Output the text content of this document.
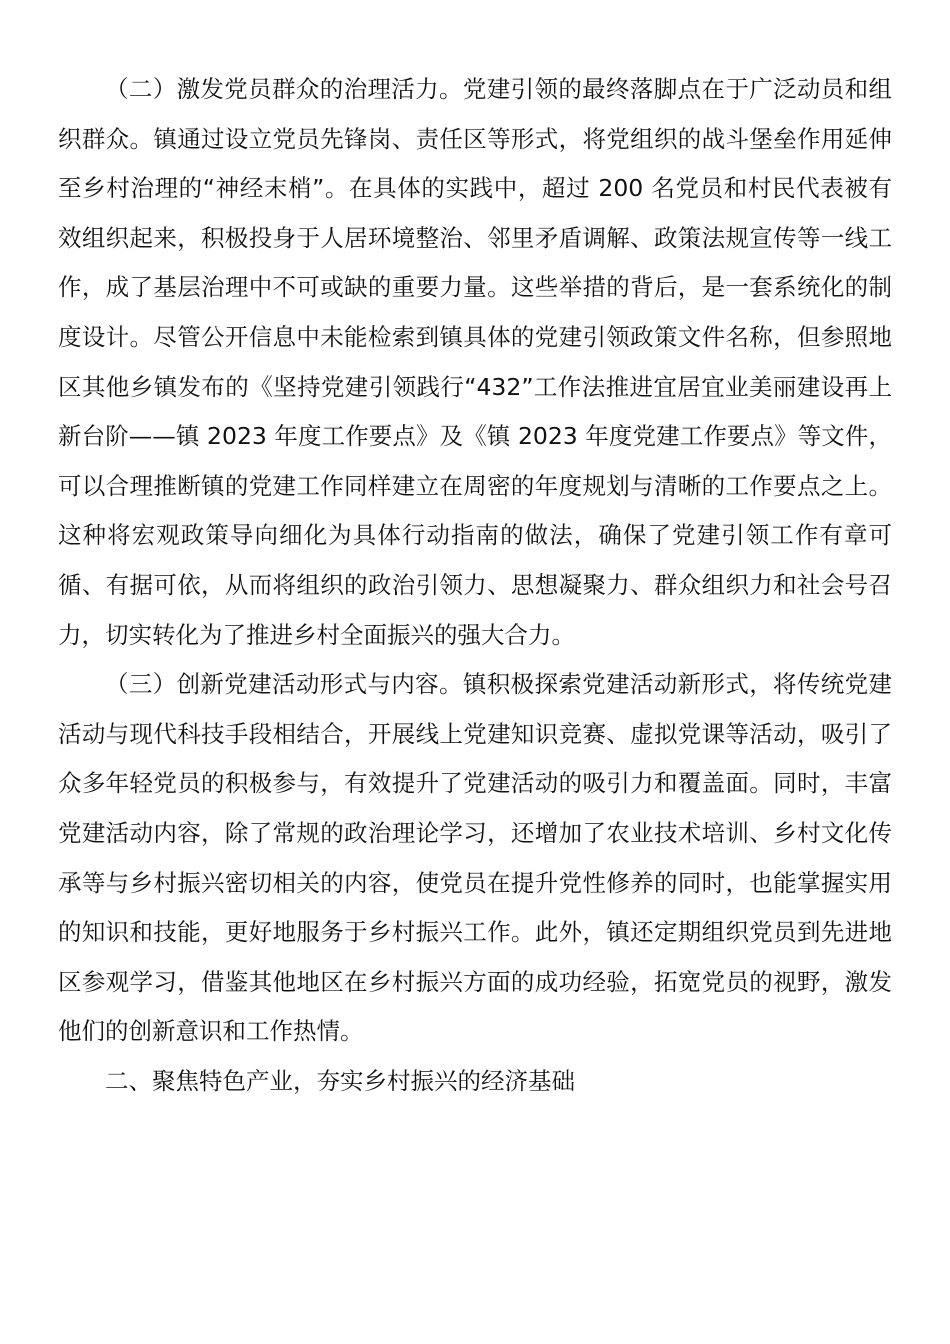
（二）激发党员群众的治理活力。党建引领的最终落脚点在于广泛动员和组织群众。镇通过设立党员先锋岗、责任区等形式，将党组织的战斗堡垒作用延伸至乡村治理的“神经末梢”。在具体的实践中，超过 200 名党员和村民代表被有效组织起来，积极投身于人居环境整治、邻里矛盾调解、政策法规宣传等一线工作，成了基层治理中不可或缺的重要力量。这些举措的背后，是一套系统化的制度设计。尽管公开信息中未能检索到镇具体的党建引领政策文件名称，但参照地区其他乡镇发布的《坚持党建引领践行“432”工作法推进宜居宜业美丽建设再上新台阶——镇 2023 年度工作要点》及《镇 2023 年度党建工作要点》等文件，可以合理推断镇的党建工作同样建立在周密的年度规划与清晰的工作要点之上。这种将宏观政策导向细化为具体行动指南的做法，确保了党建引领工作有章可循、有据可依，从而将组织的政治引领力、思想凝聚力、群众组织力和社会号召力，切实转化为了推进乡村全面振兴的强大合力。

（三）创新党建活动形式与内容。镇积极探索党建活动新形式，将传统党建活动与现代科技手段相结合，开展线上党建知识竞赛、虚拟党课等活动，吸引了众多年轻党员的积极参与，有效提升了党建活动的吸引力和覆盖面。同时，丰富党建活动内容，除了常规的政治理论学习，还增加了农业技术培训、乡村文化传承等与乡村振兴密切相关的内容，使党员在提升党性修养的同时，也能掌握实用的知识和技能，更好地服务于乡村振兴工作。此外，镇还定期组织党员到先进地区参观学习，借鉴其他地区在乡村振兴方面的成功经验，拓宽党员的视野，激发他们的创新意识和工作热情。

二、聚焦特色产业，夯实乡村振兴的经济基础
